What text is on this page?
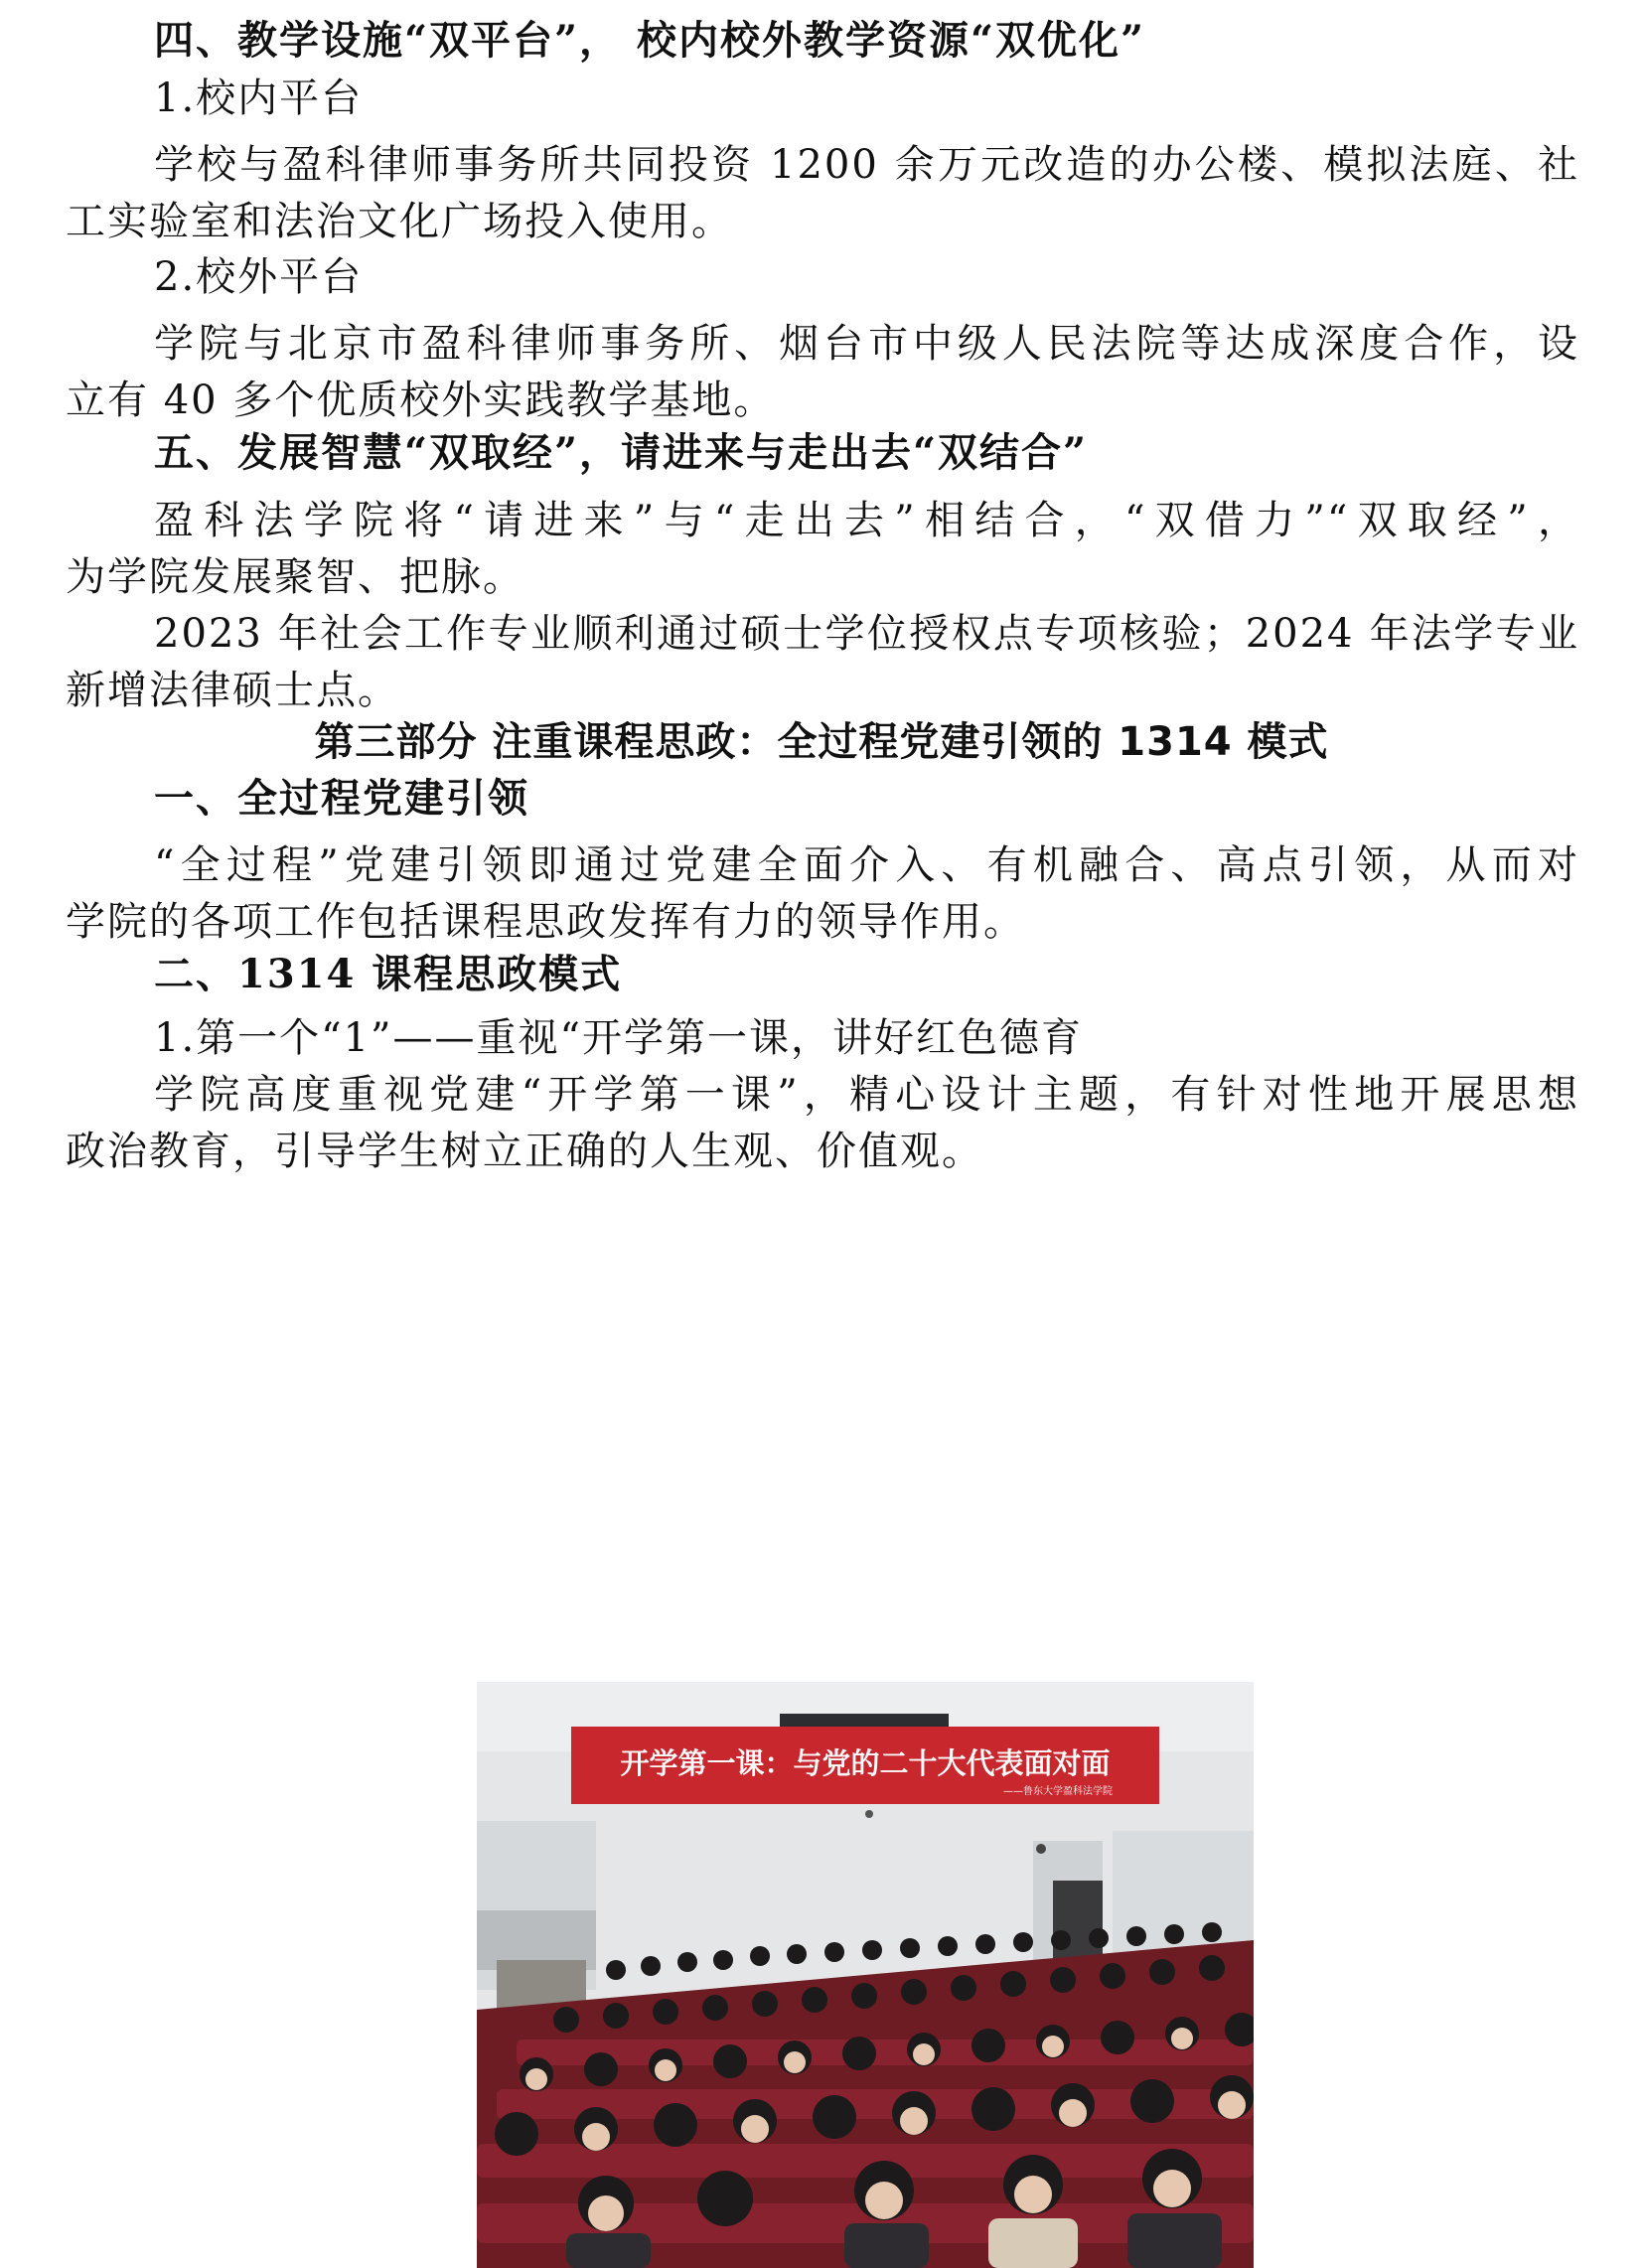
四、教学设施“双平台”， 校内校外教学资源“双优化”
1.校内平台
学校与盈科律师事务所共同投资 1200 余万元改造的办公楼、模拟法庭、社
工实验室和法治文化广场投入使用。
2.校外平台
学院与北京市盈科律师事务所、烟台市中级人民法院等达成深度合作，设
立有 40 多个优质校外实践教学基地。
五、发展智慧“双取经”，请进来与走出去“双结合”
盈科法学院将“请进来”与“走出去”相结合，“双借力”“双取经”，
为学院发展聚智、把脉。
2023 年社会工作专业顺利通过硕士学位授权点专项核验；2024 年法学专业
新增法律硕士点。
第三部分 注重课程思政：全过程党建引领的 1314 模式
一、全过程党建引领
“全过程”党建引领即通过党建全面介入、有机融合、高点引领，从而对
学院的各项工作包括课程思政发挥有力的领导作用。
二、1314 课程思政模式
1.第一个“1”——重视“开学第一课，讲好红色德育
学院高度重视党建“开学第一课”，精心设计主题，有针对性地开展思想
政治教育，引导学生树立正确的人生观、价值观。
开学第一课：与党的二十大代表面对面
——鲁东大学盈科法学院
